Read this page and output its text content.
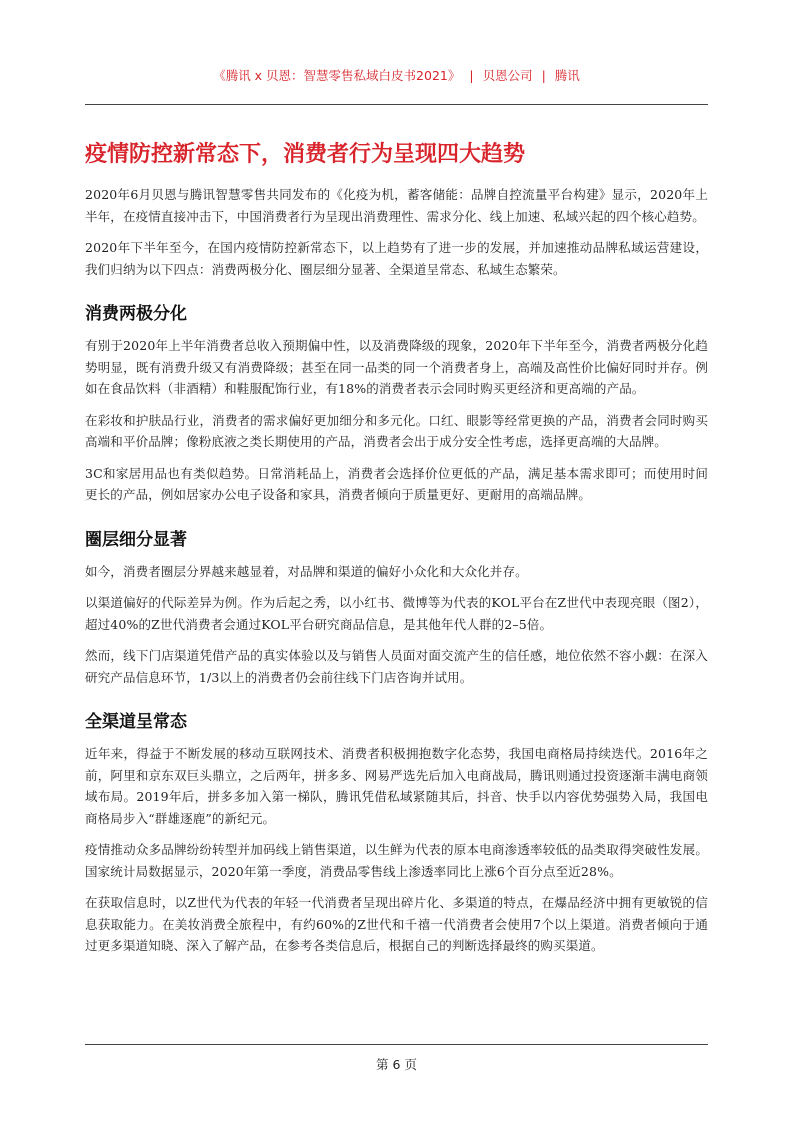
《腾讯 x 贝恩：智慧零售私域白皮书2021》 | 贝恩公司 | 腾讯
疫情防控新常态下，消费者行为呈现四大趋势

2020年6月贝恩与腾讯智慧零售共同发布的《化疫为机，蓄客储能：品牌自控流量平台构建》显示，2020年上半年，在疫情直接冲击下，中国消费者行为呈现出消费理性、需求分化、线上加速、私域兴起的四个核心趋势。

2020年下半年至今，在国内疫情防控新常态下，以上趋势有了进一步的发展，并加速推动品牌私域运营建设，我们归纳为以下四点：消费两极分化、圈层细分显著、全渠道呈常态、私域生态繁荣。

消费两极分化

有别于2020年上半年消费者总收入预期偏中性，以及消费降级的现象，2020年下半年至今，消费者两极分化趋势明显，既有消费升级又有消费降级；甚至在同一品类的同一个消费者身上，高端及高性价比偏好同时并存。例如在食品饮料（非酒精）和鞋服配饰行业，有18%的消费者表示会同时购买更经济和更高端的产品。

在彩妆和护肤品行业，消费者的需求偏好更加细分和多元化。口红、眼影等经常更换的产品，消费者会同时购买高端和平价品牌；像粉底液之类长期使用的产品，消费者会出于成分安全性考虑，选择更高端的大品牌。

3C和家居用品也有类似趋势。日常消耗品上，消费者会选择价位更低的产品，满足基本需求即可；而使用时间更长的产品，例如居家办公电子设备和家具，消费者倾向于质量更好、更耐用的高端品牌。

圈层细分显著

如今，消费者圈层分界越来越显着，对品牌和渠道的偏好小众化和大众化并存。

以渠道偏好的代际差异为例。作为后起之秀，以小红书、微博等为代表的KOL平台在Z世代中表现亮眼（图2），超过40%的Z世代消费者会通过KOL平台研究商品信息，是其他年代人群的2–5倍。

然而，线下门店渠道凭借产品的真实体验以及与销售人员面对面交流产生的信任感，地位依然不容小觑：在深入研究产品信息环节，1/3以上的消费者仍会前往线下门店咨询并试用。

全渠道呈常态

近年来，得益于不断发展的移动互联网技术、消费者积极拥抱数字化态势，我国电商格局持续迭代。2016年之前，阿里和京东双巨头鼎立，之后两年，拼多多、网易严选先后加入电商战局，腾讯则通过投资逐渐丰满电商领域布局。2019年后，拼多多加入第一梯队，腾讯凭借私域紧随其后，抖音、快手以内容优势强势入局，我国电商格局步入“群雄逐鹿”的新纪元。

疫情推动众多品牌纷纷转型并加码线上销售渠道，以生鲜为代表的原本电商渗透率较低的品类取得突破性发展。国家统计局数据显示，2020年第一季度，消费品零售线上渗透率同比上涨6个百分点至近28%。

在获取信息时，以Z世代为代表的年轻一代消费者呈现出碎片化、多渠道的特点，在爆品经济中拥有更敏锐的信息获取能力。在美妆消费全旅程中，有约60%的Z世代和千禧一代消费者会使用7个以上渠道。消费者倾向于通过更多渠道知晓、深入了解产品，在参考各类信息后，根据自己的判断选择最终的购买渠道。

第 6 页
